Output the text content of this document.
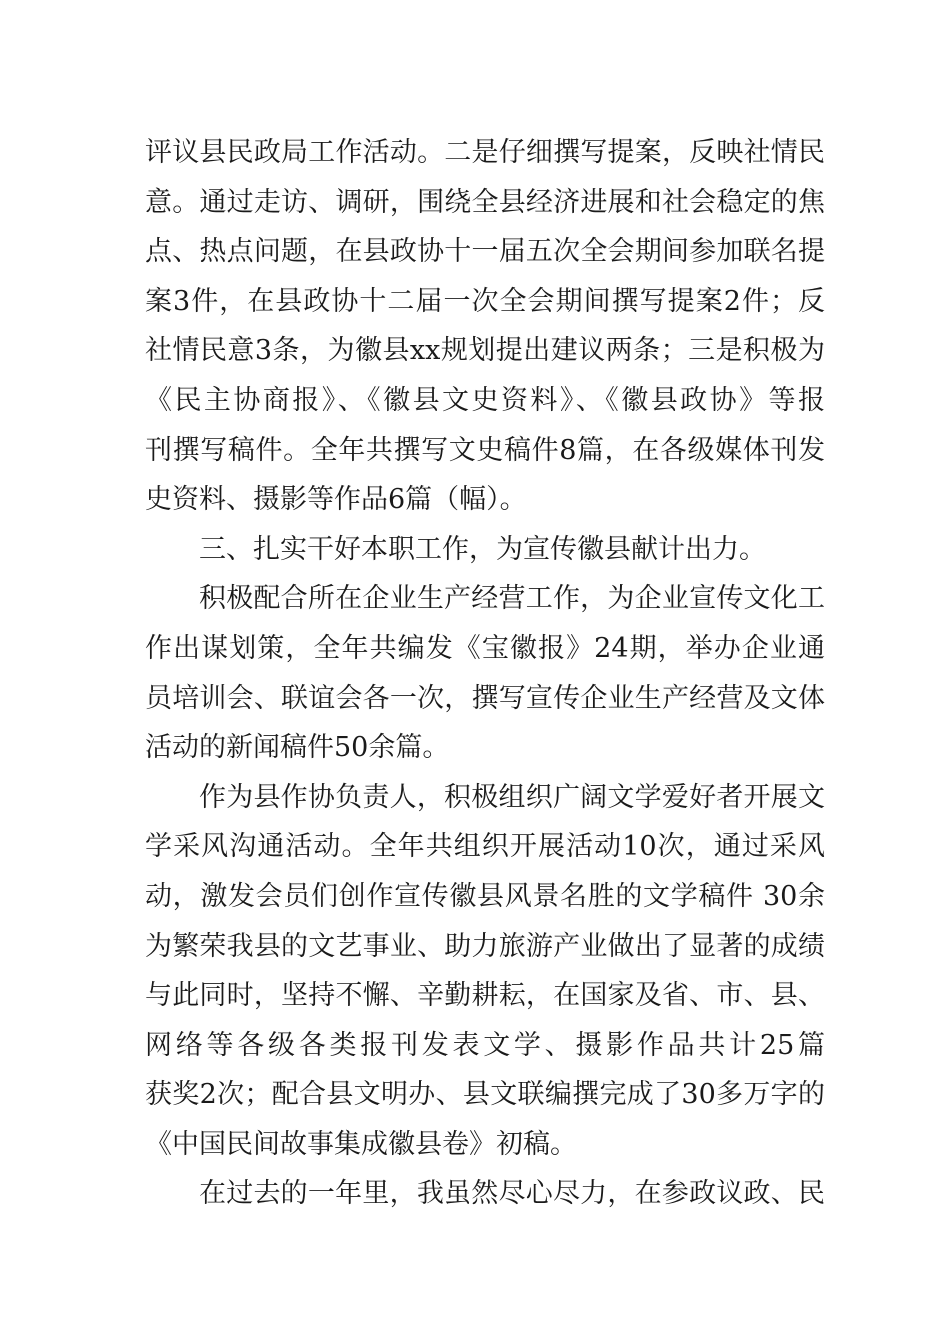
评议县民政局工作活动。二是仔细撰写提案，反映社情民
意。通过走访、调研，围绕全县经济进展和社会稳定的焦
点、热点问题，在县政协十一届五次全会期间参加联名提
案3件，在县政协十二届一次全会期间撰写提案2件；反
社情民意3条，为徽县xx规划提出建议两条；三是积极为
《民主协商报》、《徽县文史资料》、《徽县政协》等报
刊撰写稿件。全年共撰写文史稿件8篇，在各级媒体刊发
史资料、摄影等作品6篇（幅）。
三、扎实干好本职工作，为宣传徽县献计出力。
积极配合所在企业生产经营工作，为企业宣传文化工
作出谋划策，全年共编发《宝徽报》24期，举办企业通
员培训会、联谊会各一次，撰写宣传企业生产经营及文体
活动的新闻稿件50余篇。
作为县作协负责人，积极组织广阔文学爱好者开展文
学采风沟通活动。全年共组织开展活动10次，通过采风
动，激发会员们创作宣传徽县风景名胜的文学稿件 30余
为繁荣我县的文艺事业、助力旅游产业做出了显著的成绩
与此同时，坚持不懈、辛勤耕耘，在国家及省、市、县、
网络等各级各类报刊发表文学、摄影作品共计25篇
获奖2次；配合县文明办、县文联编撰完成了30多万字的
《中国民间故事集成徽县卷》初稿。
在过去的一年里，我虽然尽心尽力，在参政议政、民
